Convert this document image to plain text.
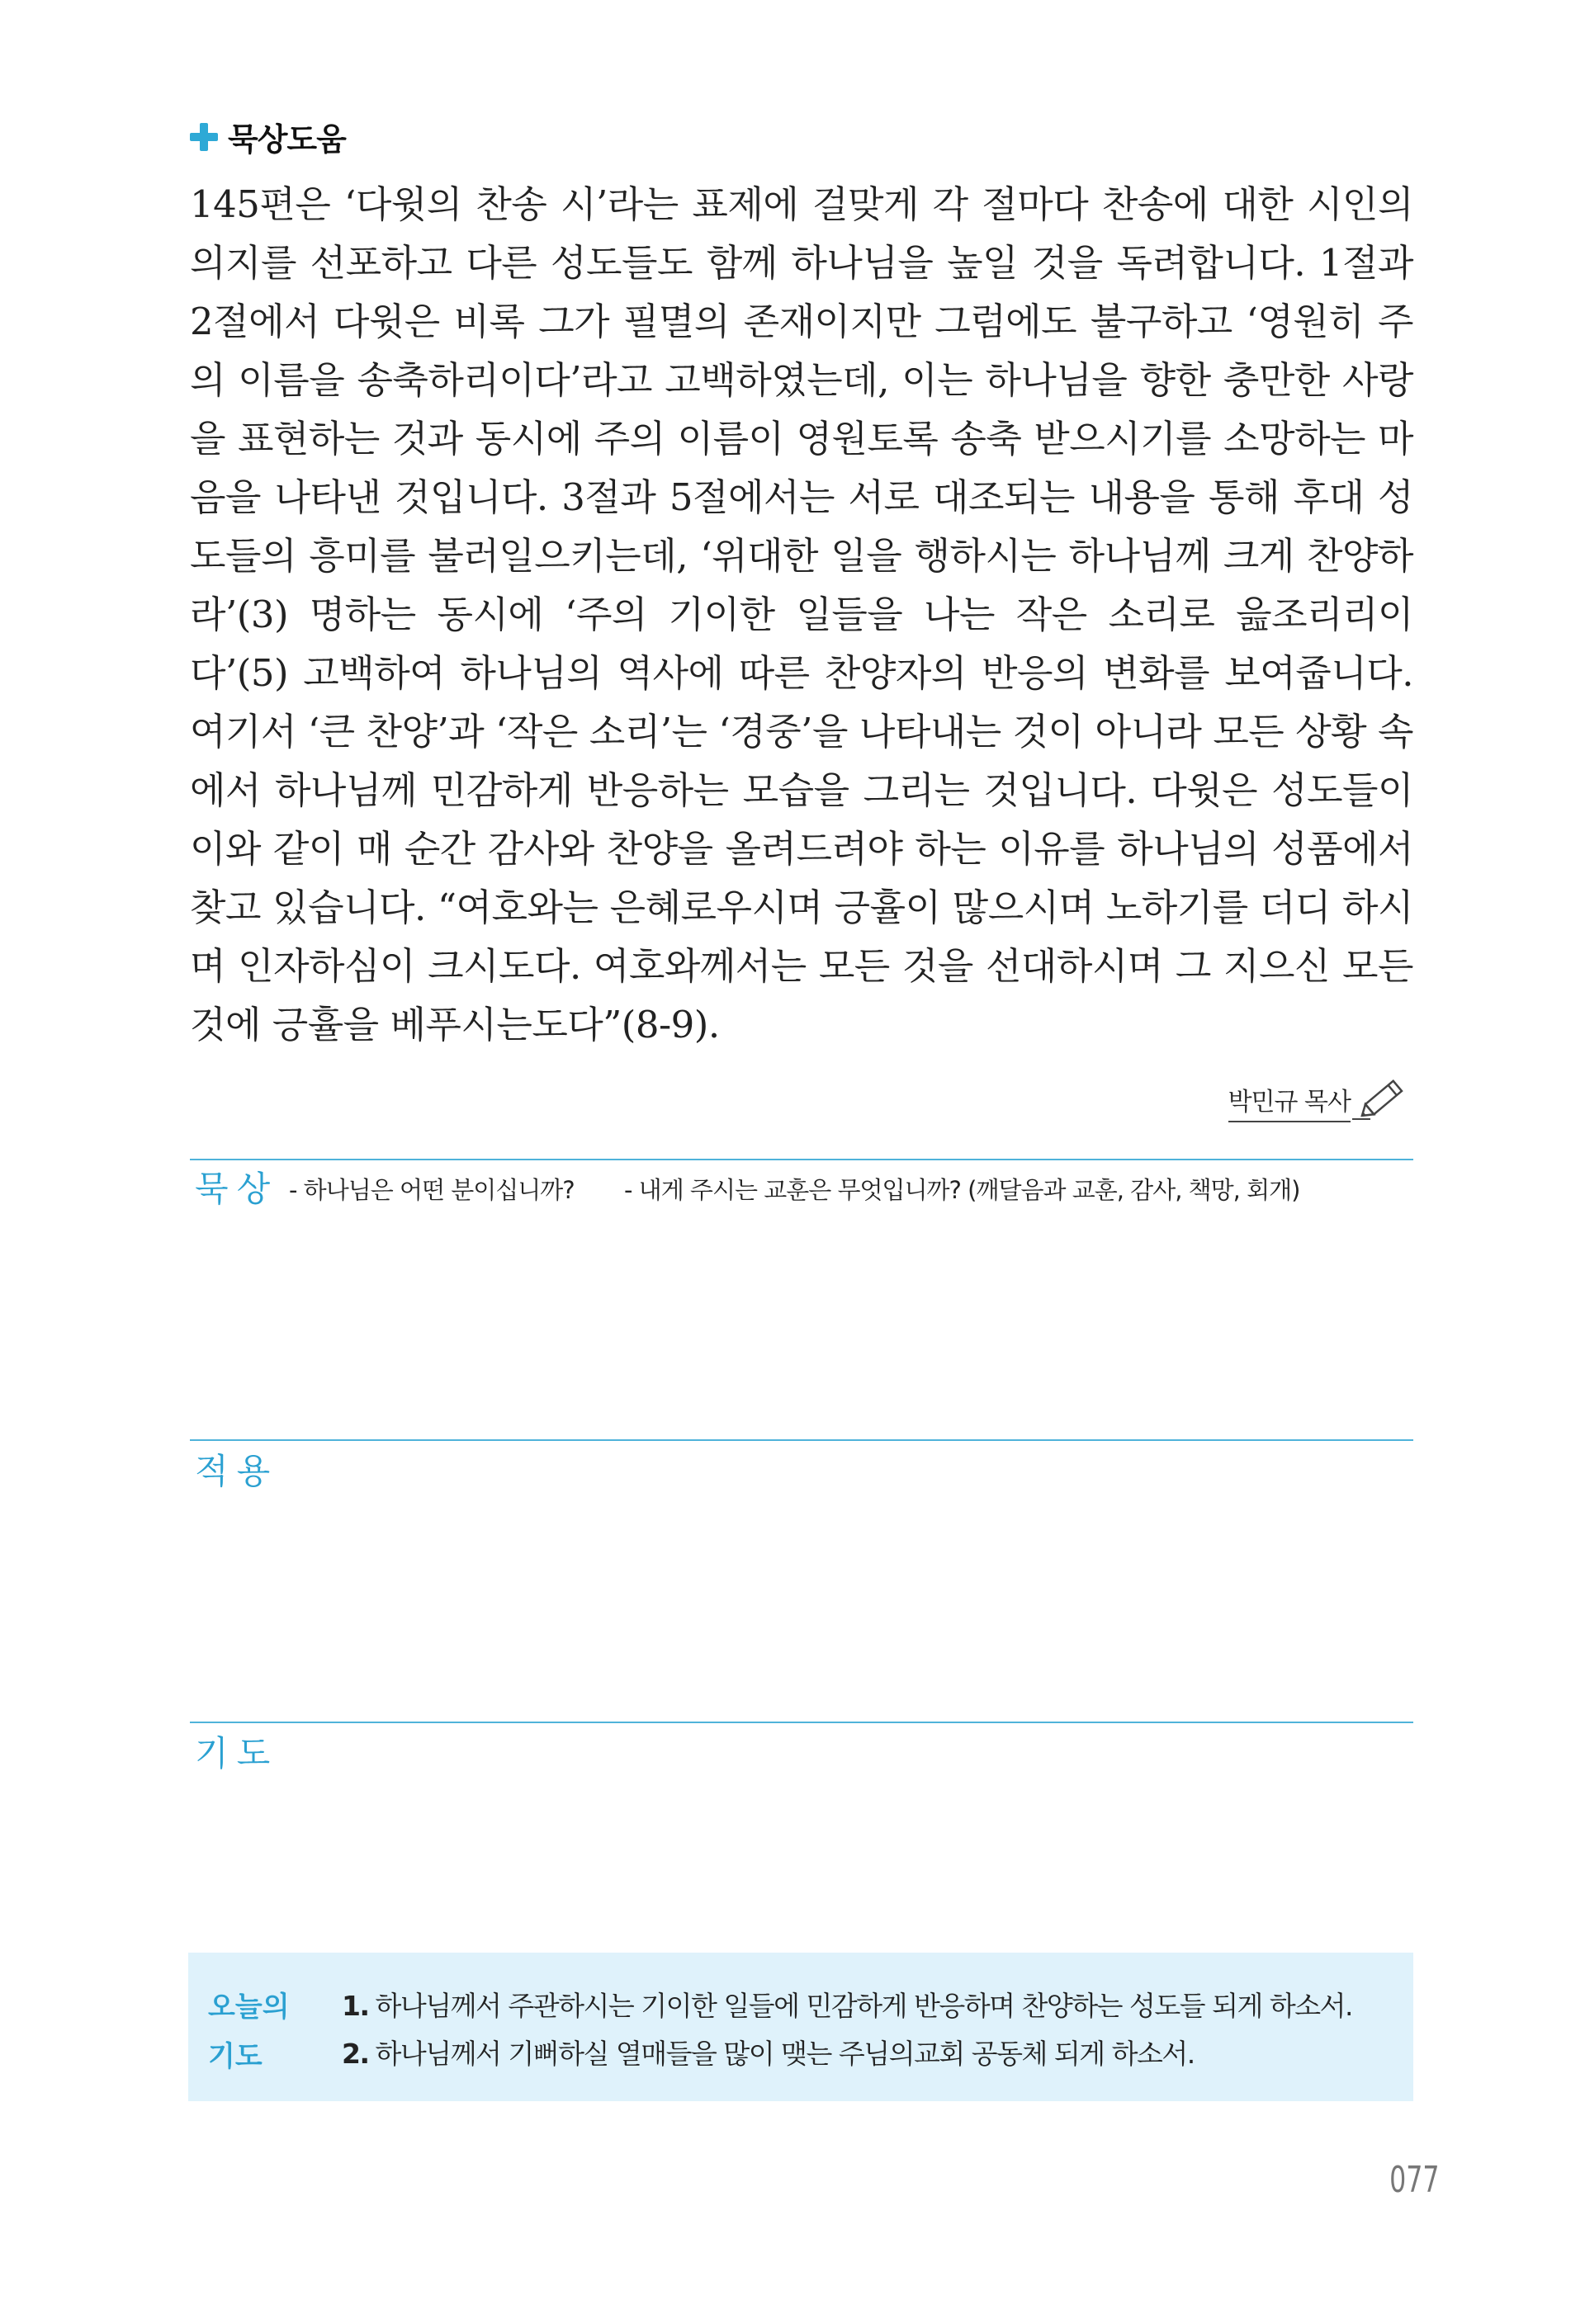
묵상도움
145편은 ‘다윗의 찬송 시’라는 표제에 걸맞게 각 절마다 찬송에 대한 시인의 의지를 선포하고 다른 성도들도 함께 하나님을 높일 것을 독려합니다. 1절과 2절에서 다윗은 비록 그가 필멸의 존재이지만 그럼에도 불구하고 ‘영원히 주의 이름을 송축하리이다’라고 고백하였는데, 이는 하나님을 향한 충만한 사랑을 표현하는 것과 동시에 주의 이름이 영원토록 송축 받으시기를 소망하는 마음을 나타낸 것입니다. 3절과 5절에서는 서로 대조되는 내용을 통해 후대 성도들의 흥미를 불러일으키는데, ‘위대한 일을 행하시는 하나님께 크게 찬양하라’(3) 명하는 동시에 ‘주의 기이한 일들을 나는 작은 소리로 읊조리리이다’(5) 고백하여 하나님의 역사에 따른 찬양자의 반응의 변화를 보여줍니다. 여기서 ‘큰 찬양’과 ‘작은 소리’는 ‘경중’을 나타내는 것이 아니라 모든 상황 속에서 하나님께 민감하게 반응하는 모습을 그리는 것입니다. 다윗은 성도들이 이와 같이 매 순간 감사와 찬양을 올려드려야 하는 이유를 하나님의 성품에서 찾고 있습니다. “여호와는 은혜로우시며 긍휼이 많으시며 노하기를 더디 하시며 인자하심이 크시도다. 여호와께서는 모든 것을 선대하시며 그 지으신 모든 것에 긍휼을 베푸시는도다”(8-9).
박민규 목사
묵상 - 하나님은 어떤 분이십니까? - 내게 주시는 교훈은 무엇입니까? (깨달음과 교훈, 감사, 책망, 회개)
적용
기도
오늘의
기도
1. 하나님께서 주관하시는 기이한 일들에 민감하게 반응하며 찬양하는 성도들 되게 하소서.
2. 하나님께서 기뻐하실 열매들을 많이 맺는 주님의교회 공동체 되게 하소서.
077
